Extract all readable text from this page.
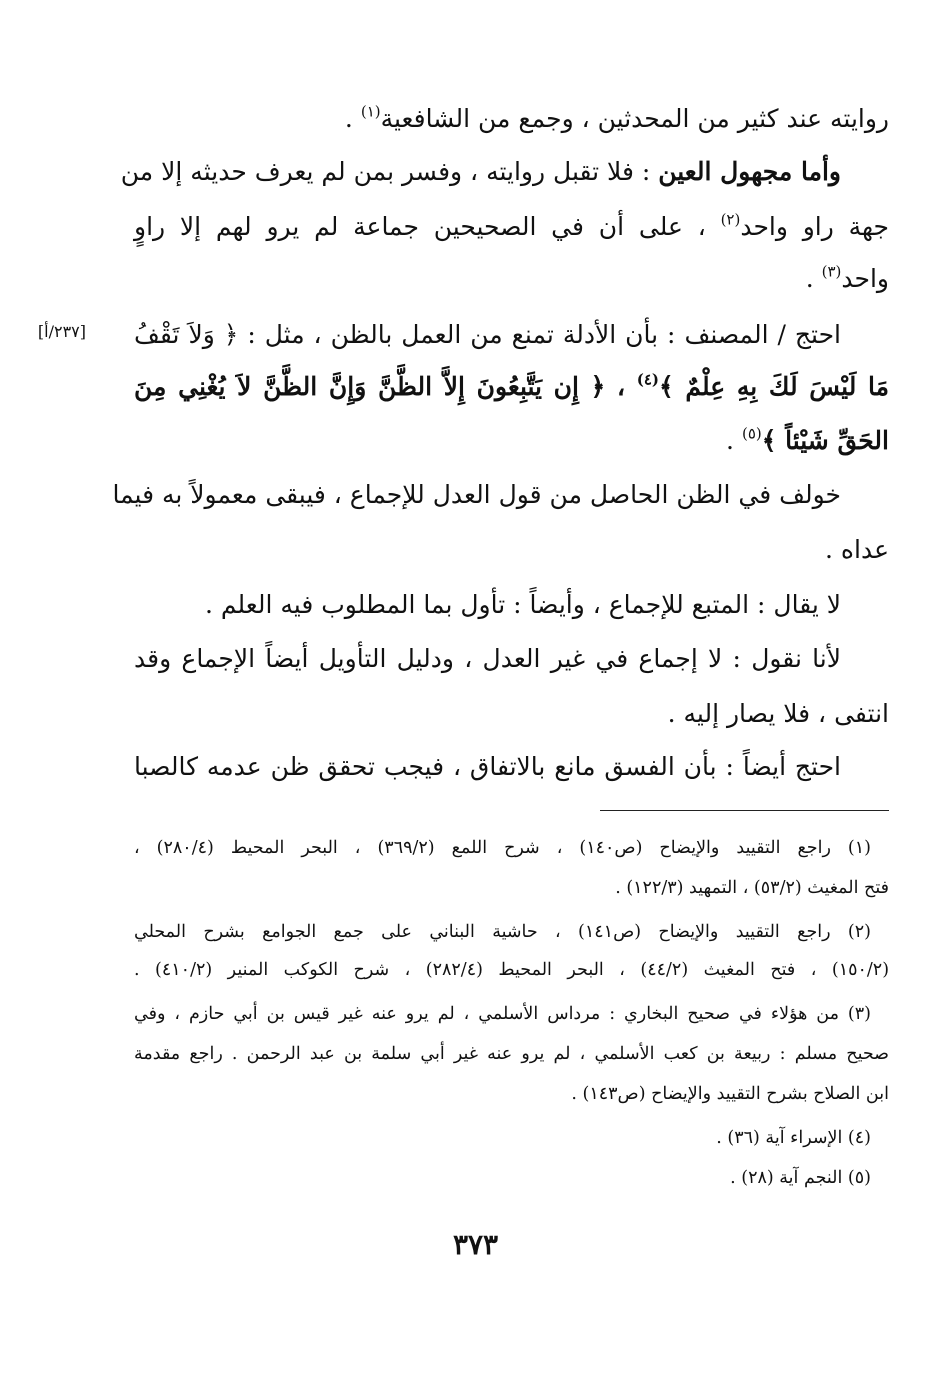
روايته عند كثير من المحدثين ، وجمع من الشافعية$^{(١)}$ .
وأما مجهول العين : فلا تقبل روايته ، وفسر بمن لم يعرف حديثه إلا من
جهة راو واحد$^{(٢)}$ ، على أن في الصحيحين جماعة لم يرو لهم إلا راوٍ
واحد$^{(٣)}$ .
[٢٣٧/أ] احتج / المصنف : بأن الأدلة تمنع من العمل بالظن ، مثل : ﴿ وَلاَ تَقْفُ
مَا لَيْسَ لَكَ بِهِ عِلْمٌ ﴾$^{(٤)}$ ، ﴿ إِن يَتَّبِعُونَ إِلاَّ الظَّنَّ وَإِنَّ الظَّنَّ لاَ يُغْنِي مِنَ
الحَقِّ شَيْئاً ﴾$^{(٥)}$ .
خولف في الظن الحاصل من قول العدل للإجماع ، فيبقى معمولاً به فيما
عداه .
لا يقال : المتبع للإجماع ، وأيضاً : تأول بما المطلوب فيه العلم .
لأنا نقول : لا إجماع في غير العدل ، ودليل التأويل أيضاً الإجماع وقد
انتفى ، فلا يصار إليه .
احتج أيضاً : بأن الفسق مانع بالاتفاق ، فيجب تحقق ظن عدمه كالصبا
(١) راجع التقييد والإيضاح (ص١٤٠) ، شرح اللمع (٣٦٩/٢) ، البحر المحيط (٢٨٠/٤) ،
فتح المغيث (٥٣/٢) ، التمهيد (١٢٢/٣) .
(٢) راجع التقييد والإيضاح (ص١٤١) ، حاشية البناني على جمع الجوامع بشرح المحلي
(١٥٠/٢) ، فتح المغيث (٤٤/٢) ، البحر المحيط (٢٨٢/٤) ، شرح الكوكب المنير (٤١٠/٢) .
(٣) من هؤلاء في صحيح البخاري : مرداس الأسلمي ، لم يرو عنه غير قيس بن أبي حازم ، وفي
صحيح مسلم : ربيعة بن كعب الأسلمي ، لم يرو عنه غير أبي سلمة بن عبد الرحمن . راجع مقدمة
ابن الصلاح بشرح التقييد والإيضاح (ص١٤٣) .
(٤) الإسراء آية (٣٦) .
(٥) النجم آية (٢٨) .
٣٧٣
